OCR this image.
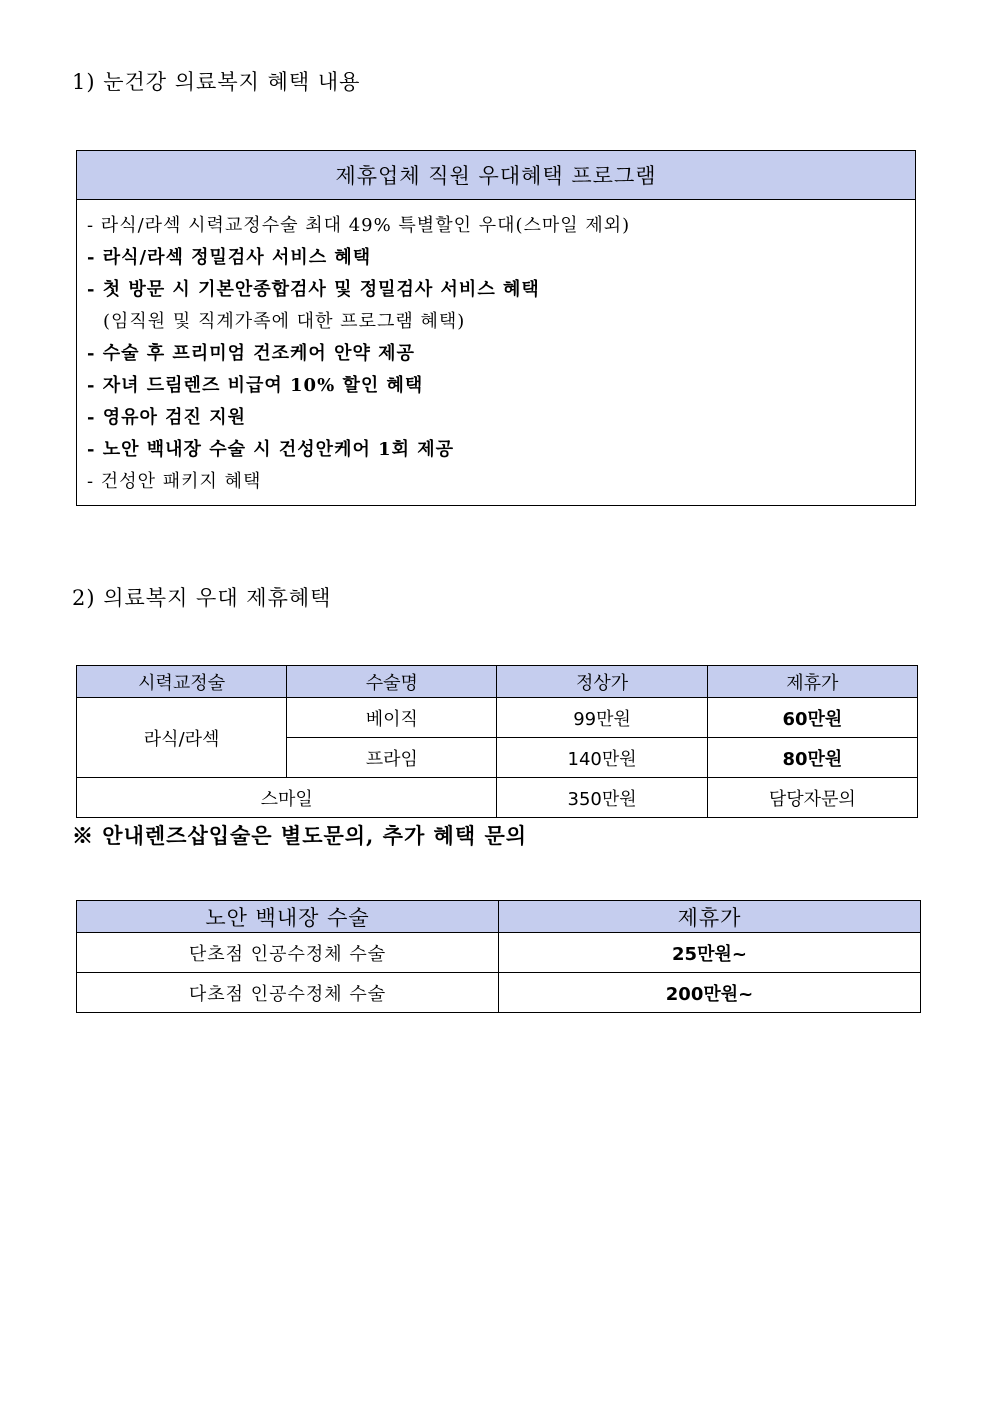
1) 눈건강 의료복지 혜택 내용
제휴업체 직원 우대혜택 프로그램
- 라식/라섹 시력교정수술 최대 49% 특별할인 우대(스마일 제외)
- 라식/라섹 정밀검사 서비스 혜택
- 첫 방문 시 기본안종합검사 및 정밀검사 서비스 혜택
(임직원 및 직계가족에 대한 프로그램 혜택)
- 수술 후 프리미엄 건조케어 안약 제공
- 자녀 드림렌즈 비급여 10% 할인 혜택
- 영유아 검진 지원
- 노안 백내장 수술 시 건성안케어 1회 제공
- 건성안 패키지 혜택
2) 의료복지 우대 제휴혜택
시력교정술	수술명	정상가	제휴가
라식/라섹	베이직	99만원	60만원
	프라임	140만원	80만원
스마일		350만원	담당자문의

※ 안내렌즈삽입술은 별도문의, 추가 혜택 문의

노안 백내장 수술	제휴가
단초점 인공수정체 수술	25만원~
다초점 인공수정체 수술	200만원~
